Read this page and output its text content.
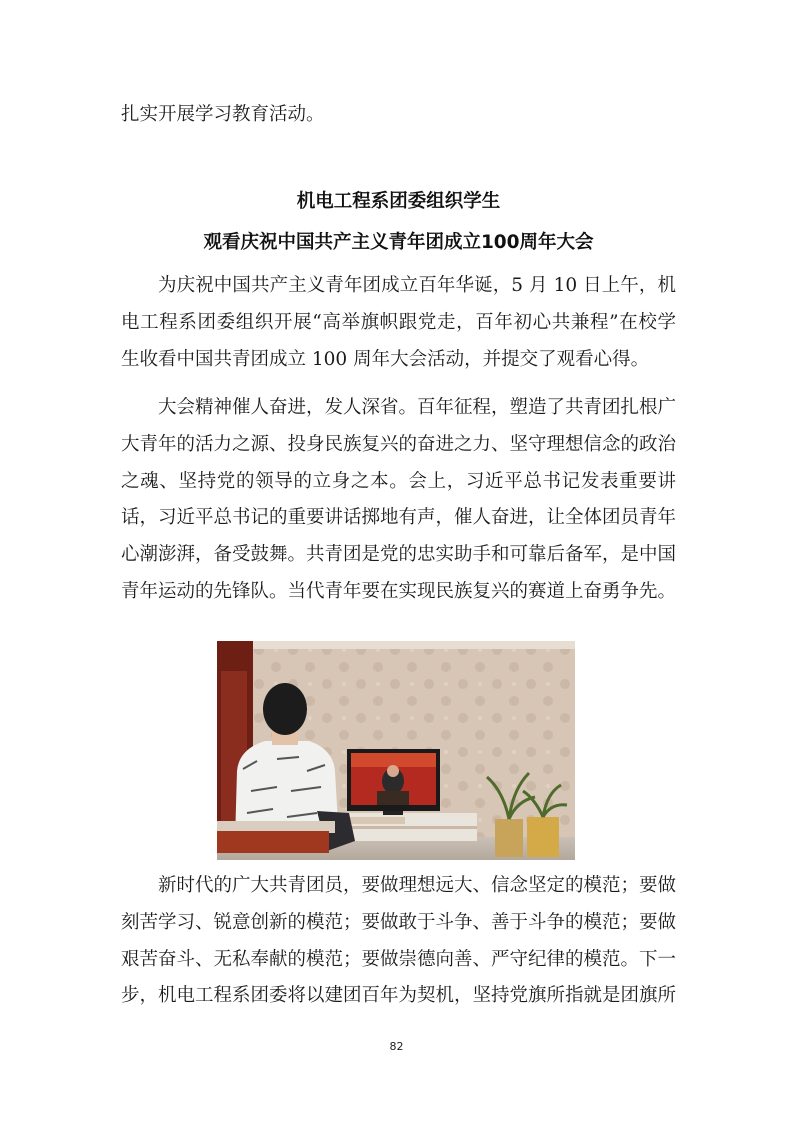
扎实开展学习教育活动。

机电工程系团委组织学生
观看庆祝中国共产主义青年团成立100周年大会

为庆祝中国共产主义青年团成立百年华诞，5 月 10 日上午，机电工程系团委组织开展“高举旗帜跟党走，百年初心共兼程”在校学生收看中国共青团成立 100 周年大会活动，并提交了观看心得。

大会精神催人奋进，发人深省。百年征程，塑造了共青团扎根广大青年的活力之源、投身民族复兴的奋进之力、坚守理想信念的政治之魂、坚持党的领导的立身之本。会上，习近平总书记发表重要讲话，习近平总书记的重要讲话掷地有声，催人奋进，让全体团员青年心潮澎湃，备受鼓舞。共青团是党的忠实助手和可靠后备军，是中国青年运动的先锋队。当代青年要在实现民族复兴的赛道上奋勇争先。

新时代的广大共青团员，要做理想远大、信念坚定的模范；要做刻苦学习、锐意创新的模范；要做敢于斗争、善于斗争的模范；要做艰苦奋斗、无私奉献的模范；要做崇德向善、严守纪律的模范。下一步，机电工程系团委将以建团百年为契机，坚持党旗所指就是团旗所

82
